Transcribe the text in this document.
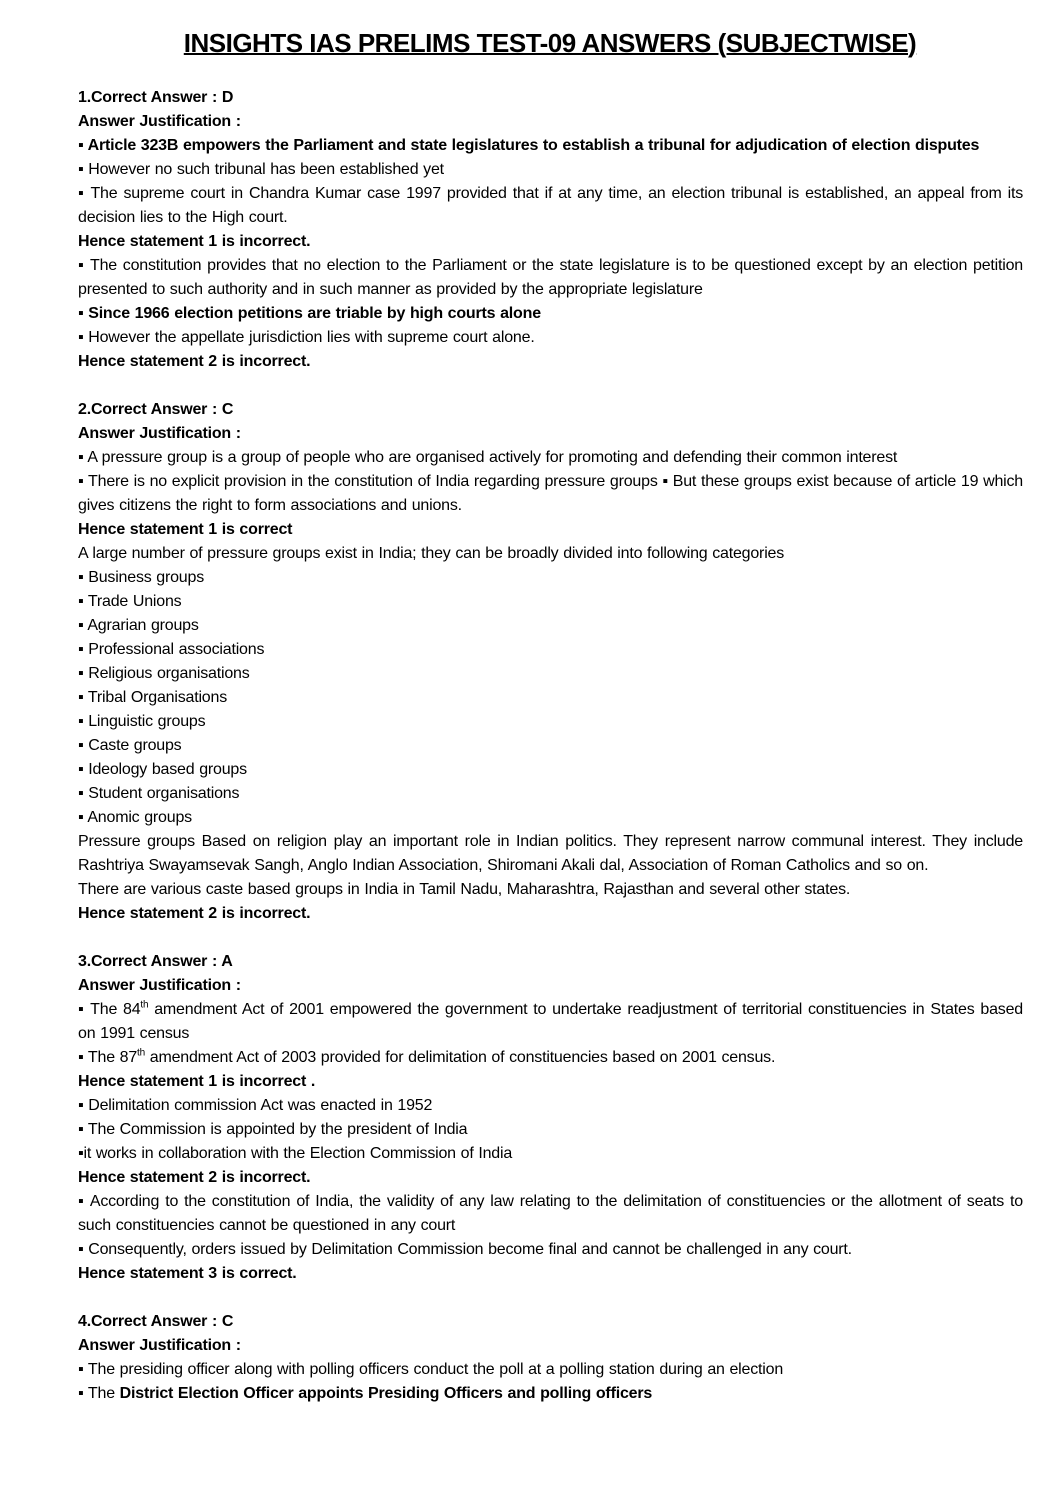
INSIGHTS IAS PRELIMS TEST-09 ANSWERS (SUBJECTWISE)

1.Correct Answer : D

Answer Justification :

▪ Article 323B empowers the Parliament and state legislatures to establish a tribunal for adjudication of election disputes

▪ However no such tribunal has been established yet

▪ The supreme court in Chandra Kumar case 1997 provided that if at any time, an election tribunal is established, an appeal from its decision lies to the High court.

Hence statement 1 is incorrect.

▪ The constitution provides that no election to the Parliament or the state legislature is to be questioned except by an election petition presented to such authority and in such manner as provided by the appropriate legislature

▪ Since 1966 election petitions are triable by high courts alone

▪ However the appellate jurisdiction lies with supreme court alone.

Hence statement 2 is incorrect.

2.Correct Answer : C

Answer Justification :

▪ A pressure group is a group of people who are organised actively for promoting and defending their common interest

▪ There is no explicit provision in the constitution of India regarding pressure groups ▪ But these groups exist because of article 19 which gives citizens the right to form associations and unions.

Hence statement 1 is correct

A large number of pressure groups exist in India; they can be broadly divided into following categories

▪ Business groups

▪ Trade Unions

▪ Agrarian groups

▪ Professional associations

▪ Religious organisations

▪ Tribal Organisations

▪ Linguistic groups

▪ Caste groups

▪ Ideology based groups

▪ Student organisations

▪ Anomic groups

Pressure groups Based on religion play an important role in Indian politics. They represent narrow communal interest. They include Rashtriya Swayamsevak Sangh, Anglo Indian Association, Shiromani Akali dal, Association of Roman Catholics and so on.

There are various caste based groups in India in Tamil Nadu, Maharashtra, Rajasthan and several other states.

Hence statement 2 is incorrect.

3.Correct Answer : A

Answer Justification :

▪ The 84th amendment Act of 2001 empowered the government to undertake readjustment of territorial constituencies in States based on 1991 census

▪ The 87th amendment Act of 2003 provided for delimitation of constituencies based on 2001 census.

Hence statement 1 is incorrect .

▪ Delimitation commission Act was enacted in 1952

▪ The Commission is appointed by the president of India

▪it works in collaboration with the Election Commission of India

Hence statement 2 is incorrect.

▪ According to the constitution of India, the validity of any law relating to the delimitation of constituencies or the allotment of seats to such constituencies cannot be questioned in any court

▪ Consequently, orders issued by Delimitation Commission become final and cannot be challenged in any court.

Hence statement 3 is correct.

4.Correct Answer : C

Answer Justification :

▪ The presiding officer along with polling officers conduct the poll at a polling station during an election

▪ The District Election Officer appoints Presiding Officers and polling officers
